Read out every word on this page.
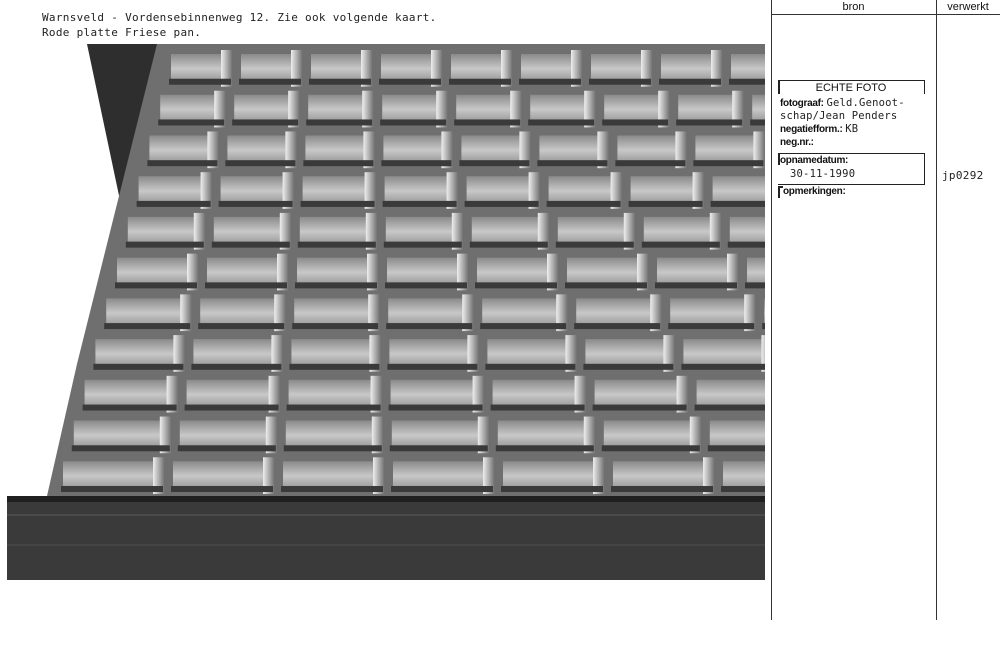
Warnsveld - Vordensebinnenweg 12. Zie ook volgende kaart.
Rode platte Friese pan.
bron	verwerkt
ECHTE FOTO
fotograaf: Geld.Genoot-
schap/Jean Penders
negatiefform.: KB
neg.nr.:
opnamedatum:
30-11-1990
opmerkingen:
jp0292
